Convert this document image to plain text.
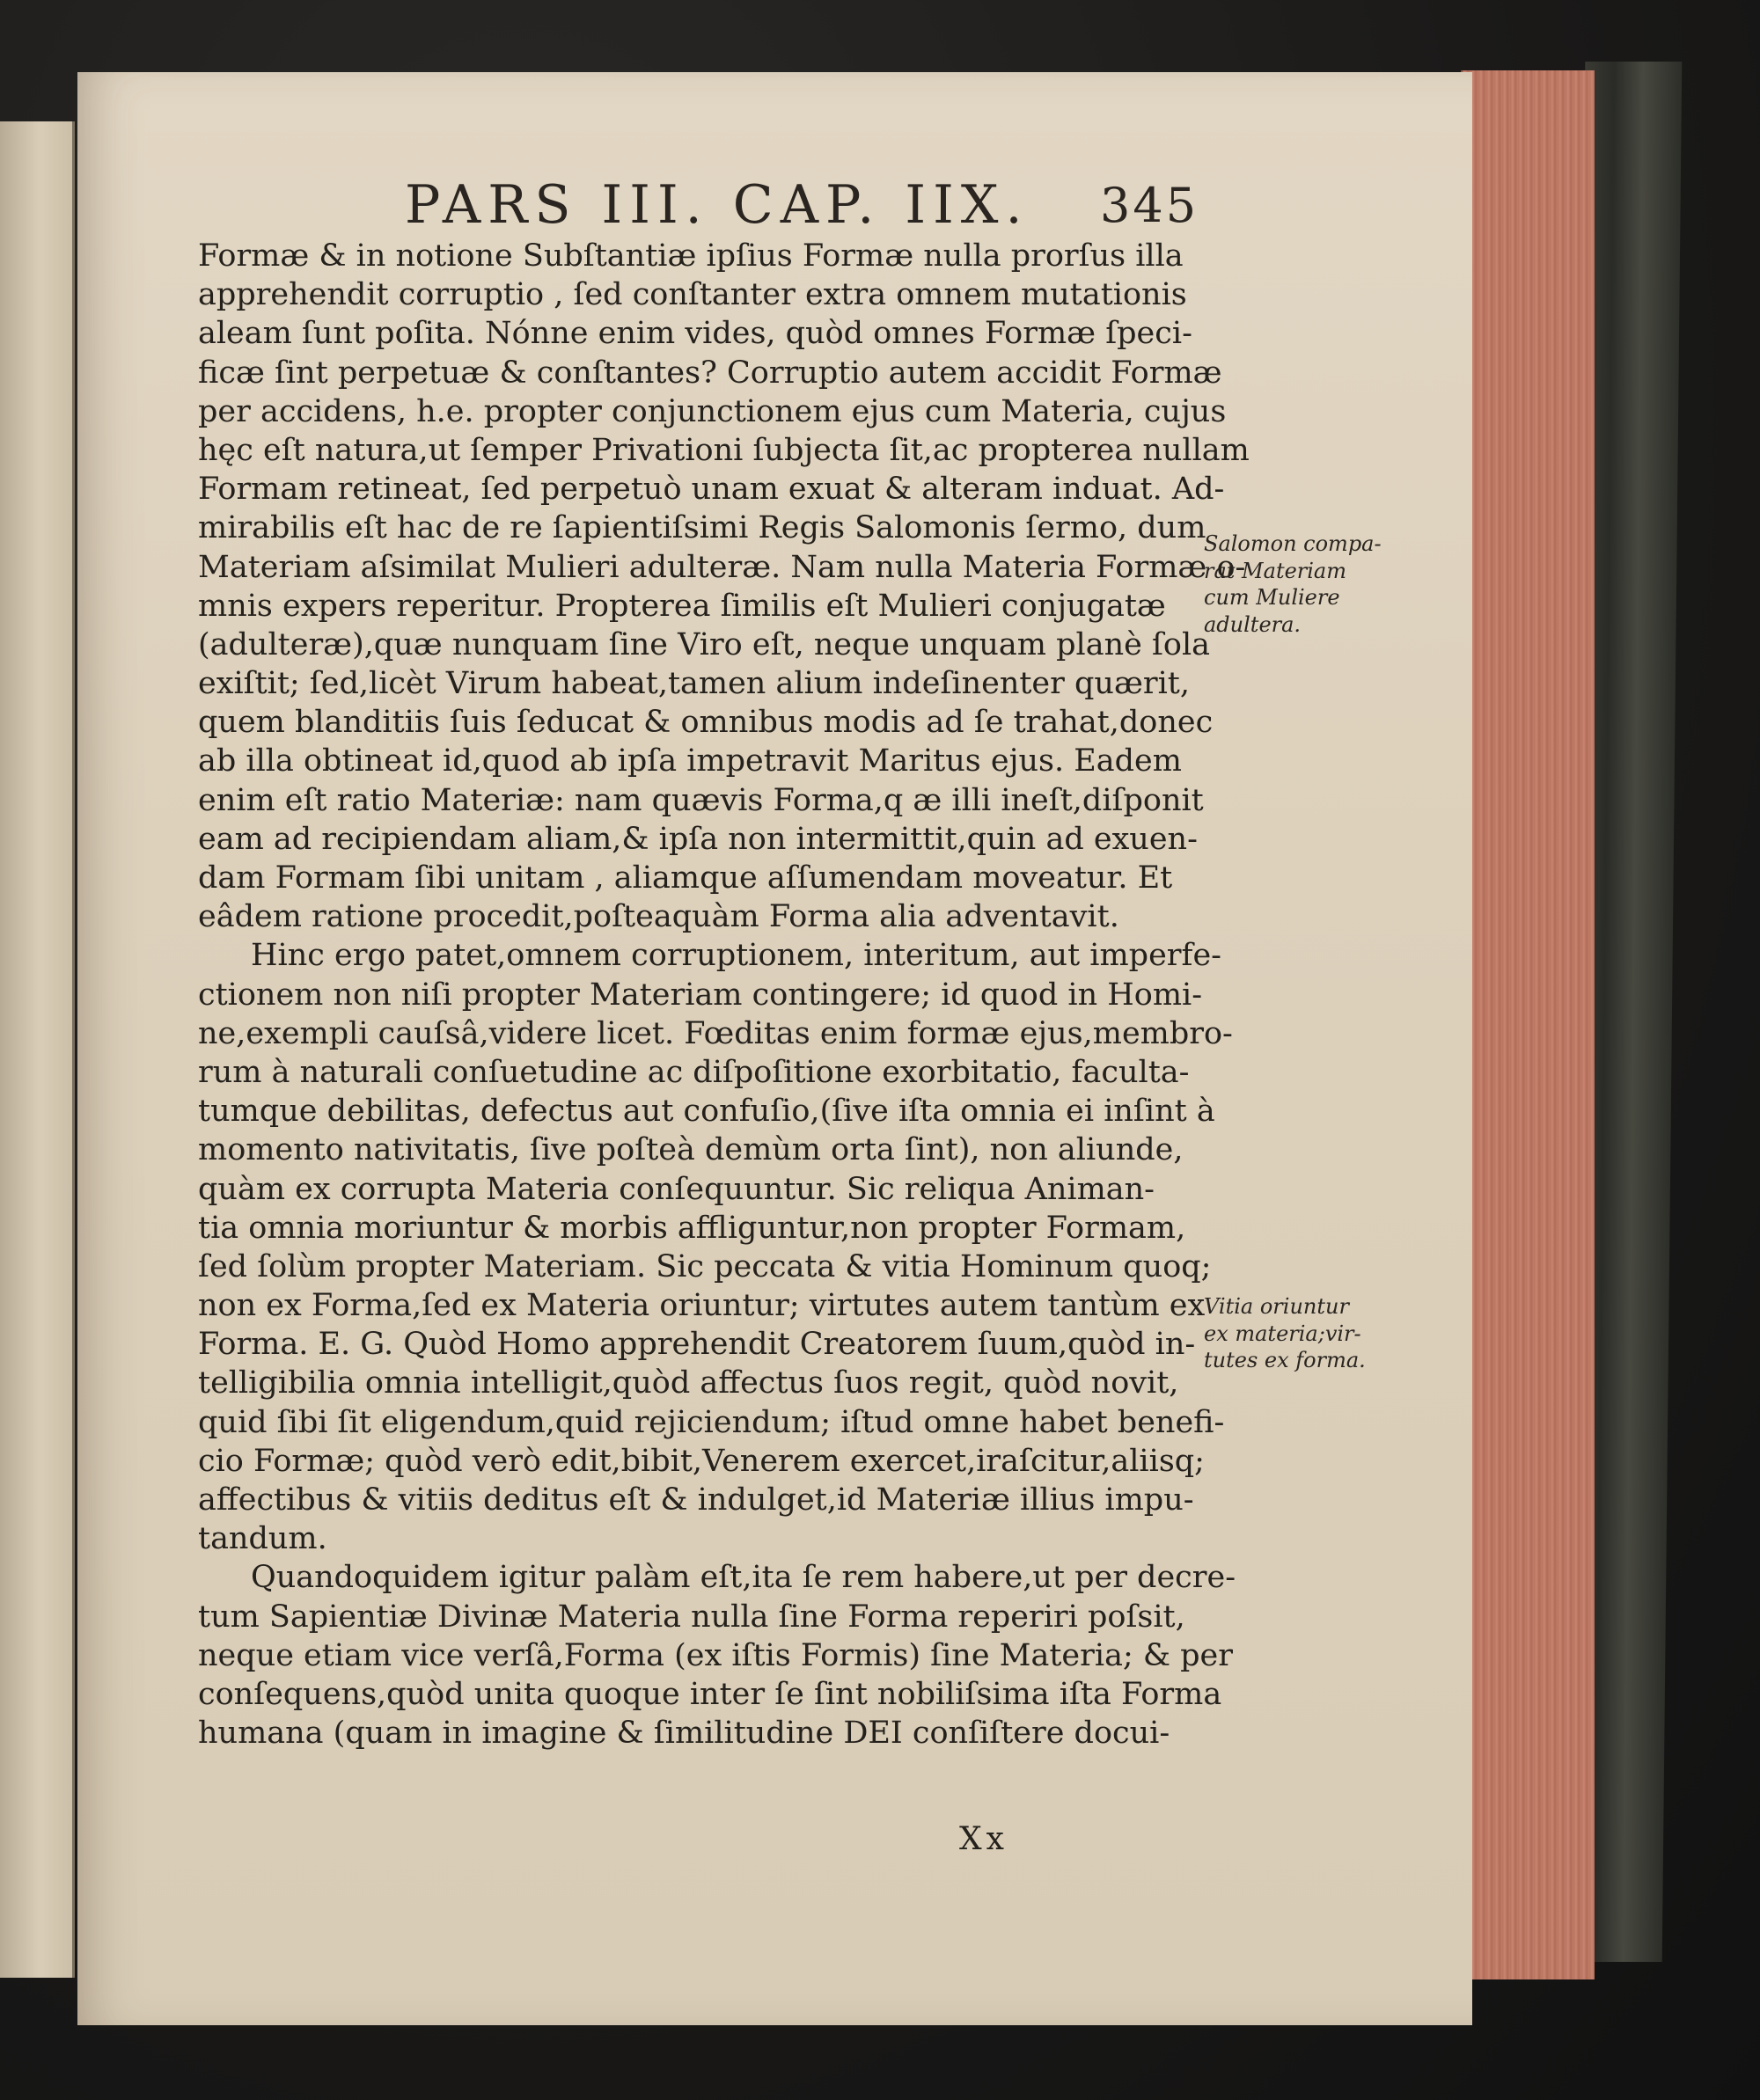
PARS III. CAP. IIX. 345
Formæ & in notione Subſtantiæ ipſius Formæ nulla prorſus illa
apprehendit corruptio , ſed conſtanter extra omnem mutationis
aleam ſunt poſita. Nónne enim vides, quòd omnes Formæ ſpeci-
ficæ ſint perpetuæ & conſtantes? Corruptio autem accidit Formæ
per accidens, h.e. propter conjunctionem ejus cum Materia, cujus
hęc eſt natura,ut ſemper Privationi ſubjecta ſit,ac propterea nullam
Formam retineat, ſed perpetuò unam exuat & alteram induat. Ad-
mirabilis eſt hac de re ſapientiſsimi Regis Salomonis ſermo, dum
Materiam aſsimilat Mulieri adulteræ. Nam nulla Materia Formæ o-
mnis expers reperitur. Propterea ſimilis eſt Mulieri conjugatæ
(adulteræ),quæ nunquam ſine Viro eſt, neque unquam planè ſola
exiſtit; ſed,licèt Virum habeat,tamen alium indeſinenter quærit,
quem blanditiis ſuis ſeducat & omnibus modis ad ſe trahat,donec
ab illa obtineat id,quod ab ipſa impetravit Maritus ejus. Eadem
enim eſt ratio Materiæ: nam quævis Forma,q æ illi ineſt,diſponit
eam ad recipiendam aliam,& ipſa non intermittit,quin ad exuen-
dam Formam ſibi unitam , aliamque aſſumendam moveatur. Et
eâdem ratione procedit,poſteaquàm Forma alia adventavit.
Hinc ergo patet,omnem corruptionem, interitum, aut imperfe-
ctionem non niſi propter Materiam contingere; id quod in Homi-
ne,exempli cauſsâ,videre licet. Fœditas enim formæ ejus,membro-
rum à naturali conſuetudine ac diſpoſitione exorbitatio, faculta-
tumque debilitas, defectus aut confuſio,(ſive iſta omnia ei inſint à
momento nativitatis, ſive poſteà demùm orta ſint), non aliunde,
quàm ex corrupta Materia conſequuntur. Sic reliqua Animan-
tia omnia moriuntur & morbis affliguntur,non propter Formam,
ſed ſolùm propter Materiam. Sic peccata & vitia Hominum quoq;
non ex Forma,ſed ex Materia oriuntur; virtutes autem tantùm ex
Forma. E. G. Quòd Homo apprehendit Creatorem ſuum,quòd in-
telligibilia omnia intelligit,quòd affectus ſuos regit, quòd novit,
quid ſibi ſit eligendum,quid rejiciendum; iſtud omne habet benefi-
cio Formæ; quòd verò edit,bibit,Venerem exercet,iraſcitur,aliisq;
affectibus & vitiis deditus eſt & indulget,id Materiæ illius impu-
tandum.
Quandoquidem igitur palàm eſt,ita ſe rem habere,ut per decre-
tum Sapientiæ Divinæ Materia nulla ſine Forma reperiri poſsit,
neque etiam vice verſâ,Forma (ex iſtis Formis) ſine Materia; & per
conſequens,quòd unita quoque inter ſe ſint nobiliſsima iſta Forma
humana (quam in imagine & ſimilitudine DEI conſiſtere docui-
Salomon compa-
rat Materiam
cum Muliere
adultera.
Vitia oriuntur
ex materia;vir-
tutes ex forma.
Xx
